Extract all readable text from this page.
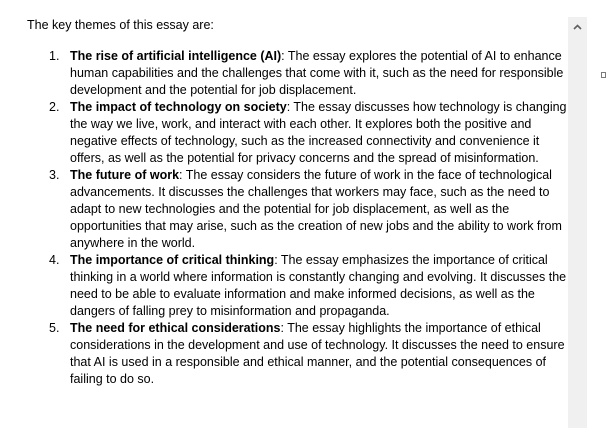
The key themes of this essay are:

1. The rise of artificial intelligence (AI): The essay explores the potential of AI to enhance human capabilities and the challenges that come with it, such as the need for responsible development and the potential for job displacement.
2. The impact of technology on society: The essay discusses how technology is changing the way we live, work, and interact with each other. It explores both the positive and negative effects of technology, such as the increased connectivity and convenience it offers, as well as the potential for privacy concerns and the spread of misinformation.
3. The future of work: The essay considers the future of work in the face of technological advancements. It discusses the challenges that workers may face, such as the need to adapt to new technologies and the potential for job displacement, as well as the opportunities that may arise, such as the creation of new jobs and the ability to work from anywhere in the world.
4. The importance of critical thinking: The essay emphasizes the importance of critical thinking in a world where information is constantly changing and evolving. It discusses the need to be able to evaluate information and make informed decisions, as well as the dangers of falling prey to misinformation and propaganda.
5. The need for ethical considerations: The essay highlights the importance of ethical considerations in the development and use of technology. It discusses the need to ensure that AI is used in a responsible and ethical manner, and the potential consequences of failing to do so.
